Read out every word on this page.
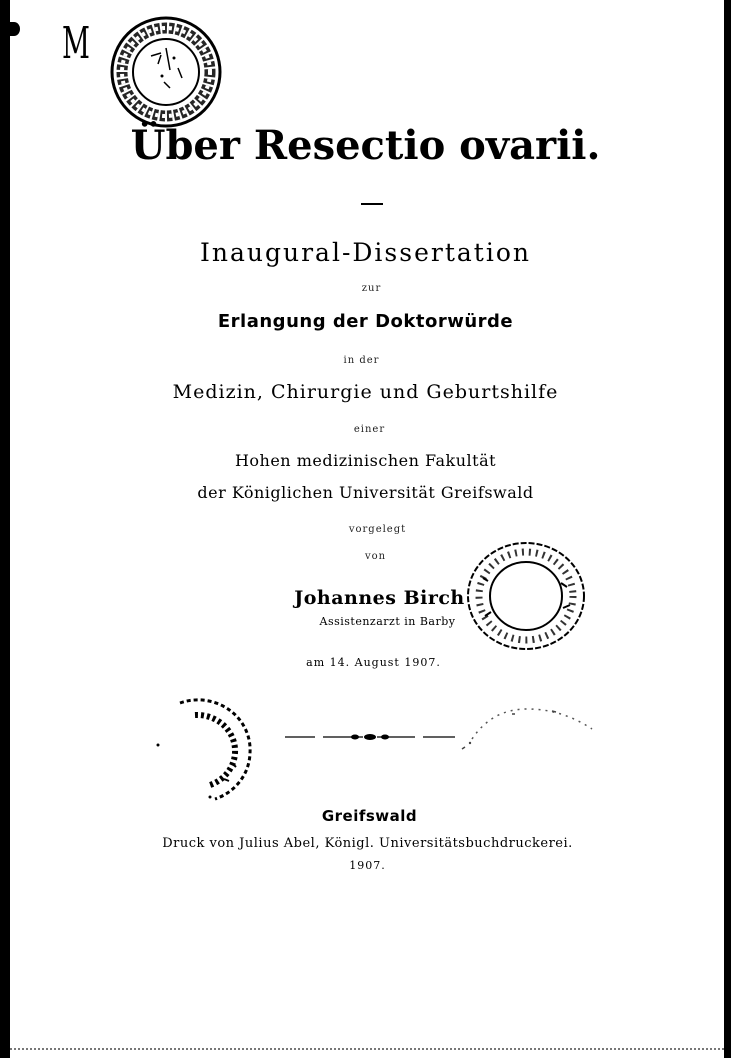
M
Über Resectio ovarii.
Inaugural-Dissertation
zur
Erlangung der Doktorwürde
in der
Medizin, Chirurgie und Geburtshilfe
einer
Hohen medizinischen Fakultät
der Königlichen Universität Greifswald
vorgelegt
von
Johannes Birch
Assistenzarzt in Barby
am 14. August 1907.
Greifswald
Druck von Julius Abel, Königl. Universitätsbuchdruckerei.
1907.
